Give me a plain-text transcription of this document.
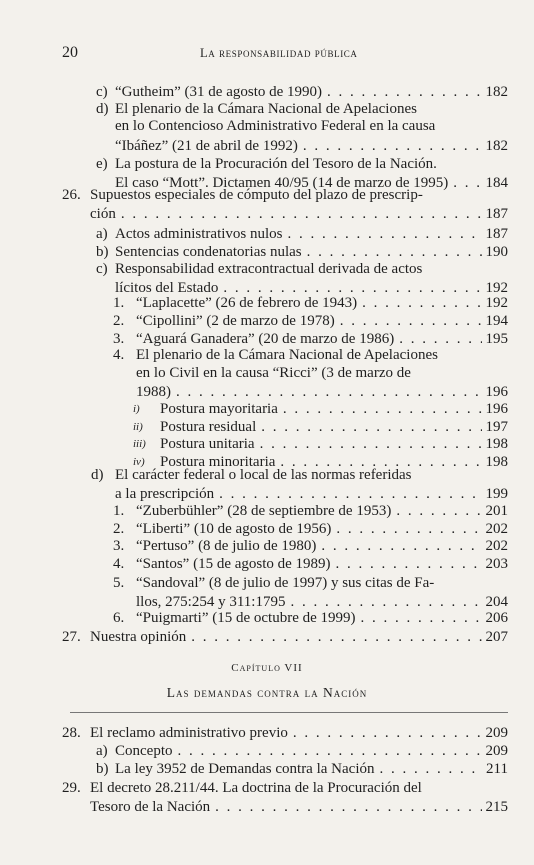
20	La responsabilidad pública
c) “Gutheim” (31 de agosto de 1990) . . .	182
d) El plenario de la Cámara Nacional de Apelaciones
en lo Contencioso Administrativo Federal en la causa
“Ibáñez” (21 de abril de 1992) . . .	182
e) La postura de la Procuración del Tesoro de la Nación.
El caso “Mott”. Dictamen 40/95 (14 de marzo de 1995) . . . 184
26. Supuestos especiales de cómputo del plazo de prescrip-
ción . . .	187
a) Actos administrativos nulos . . .	187
b) Sentencias condenatorias nulas . . .	190
c) Responsabilidad extracontractual derivada de actos
lícitos del Estado . . .	192
1. “Laplacette” (26 de febrero de 1943) . . .	192
2. “Cipollini” (2 de marzo de 1978) . . .	194
3. “Aguará Ganadera” (20 de marzo de 1986) . . .	195
4. El plenario de la Cámara Nacional de Apelaciones
en lo Civil en la causa “Ricci” (3 de marzo de
1988) . . .	196
i) Postura mayoritaria . . .	196
ii) Postura residual . . .	197
iii) Postura unitaria . . .	198
iv) Postura minoritaria . . .	198
d) El carácter federal o local de las normas referidas
a la prescripción . . .	199
1. “Zuberbühler” (28 de septiembre de 1953) . . .	201
2. “Liberti” (10 de agosto de 1956) . . .	202
3. “Pertuso” (8 de julio de 1980) . . .	202
4. “Santos” (15 de agosto de 1989) . . .	203
5. “Sandoval” (8 de julio de 1997) y sus citas de Fa-
llos, 275:254 y 311:1795 . . .	204
6. “Puigmarti” (15 de octubre de 1999) . . .	206
27. Nuestra opinión . . .	207
Capítulo VII
Las demandas contra la Nación
28. El reclamo administrativo previo . . .	209
a) Concepto . . .	209
b) La ley 3952 de Demandas contra la Nación . . .	211
29. El decreto 28.211/44. La doctrina de la Procuración del
Tesoro de la Nación . . .	215
